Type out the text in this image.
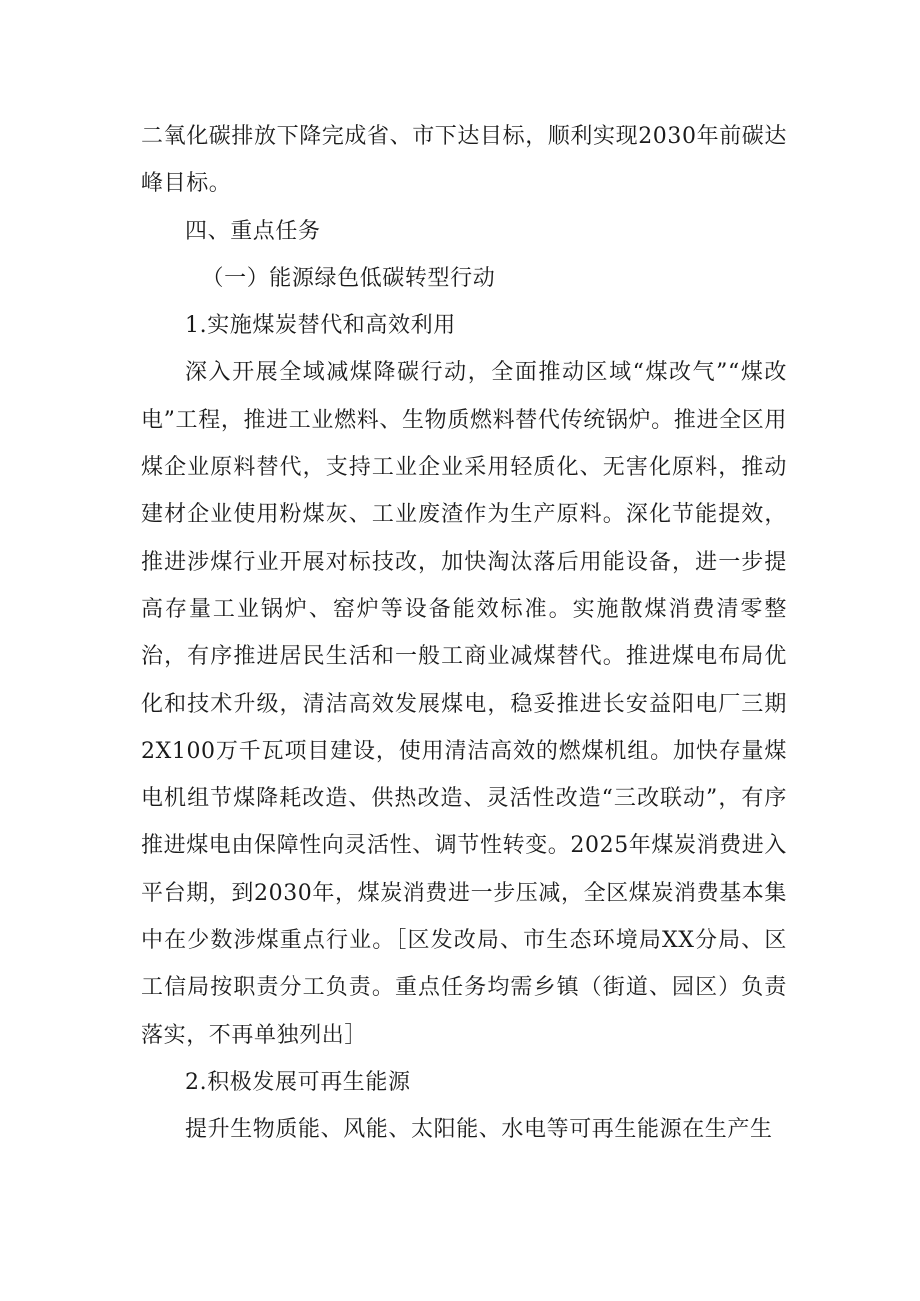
二氧化碳排放下降完成省、市下达目标，顺利实现2030年前碳达峰目标。

四、重点任务

（一）能源绿色低碳转型行动

1.实施煤炭替代和高效利用

深入开展全域减煤降碳行动，全面推动区域“煤改气”“煤改电”工程，推进工业燃料、生物质燃料替代传统锅炉。推进全区用煤企业原料替代，支持工业企业采用轻质化、无害化原料，推动建材企业使用粉煤灰、工业废渣作为生产原料。深化节能提效，推进涉煤行业开展对标技改，加快淘汰落后用能设备，进一步提高存量工业锅炉、窑炉等设备能效标准。实施散煤消费清零整治，有序推进居民生活和一般工商业减煤替代。推进煤电布局优化和技术升级，清洁高效发展煤电，稳妥推进长安益阳电厂三期2X100万千瓦项目建设，使用清洁高效的燃煤机组。加快存量煤电机组节煤降耗改造、供热改造、灵活性改造“三改联动”，有序推进煤电由保障性向灵活性、调节性转变。2025年煤炭消费进入平台期，到2030年，煤炭消费进一步压减，全区煤炭消费基本集中在少数涉煤重点行业。［区发改局、市生态环境局XX分局、区工信局按职责分工负责。重点任务均需乡镇（街道、园区）负责落实，不再单独列出］

2.积极发展可再生能源

提升生物质能、风能、太阳能、水电等可再生能源在生产生
